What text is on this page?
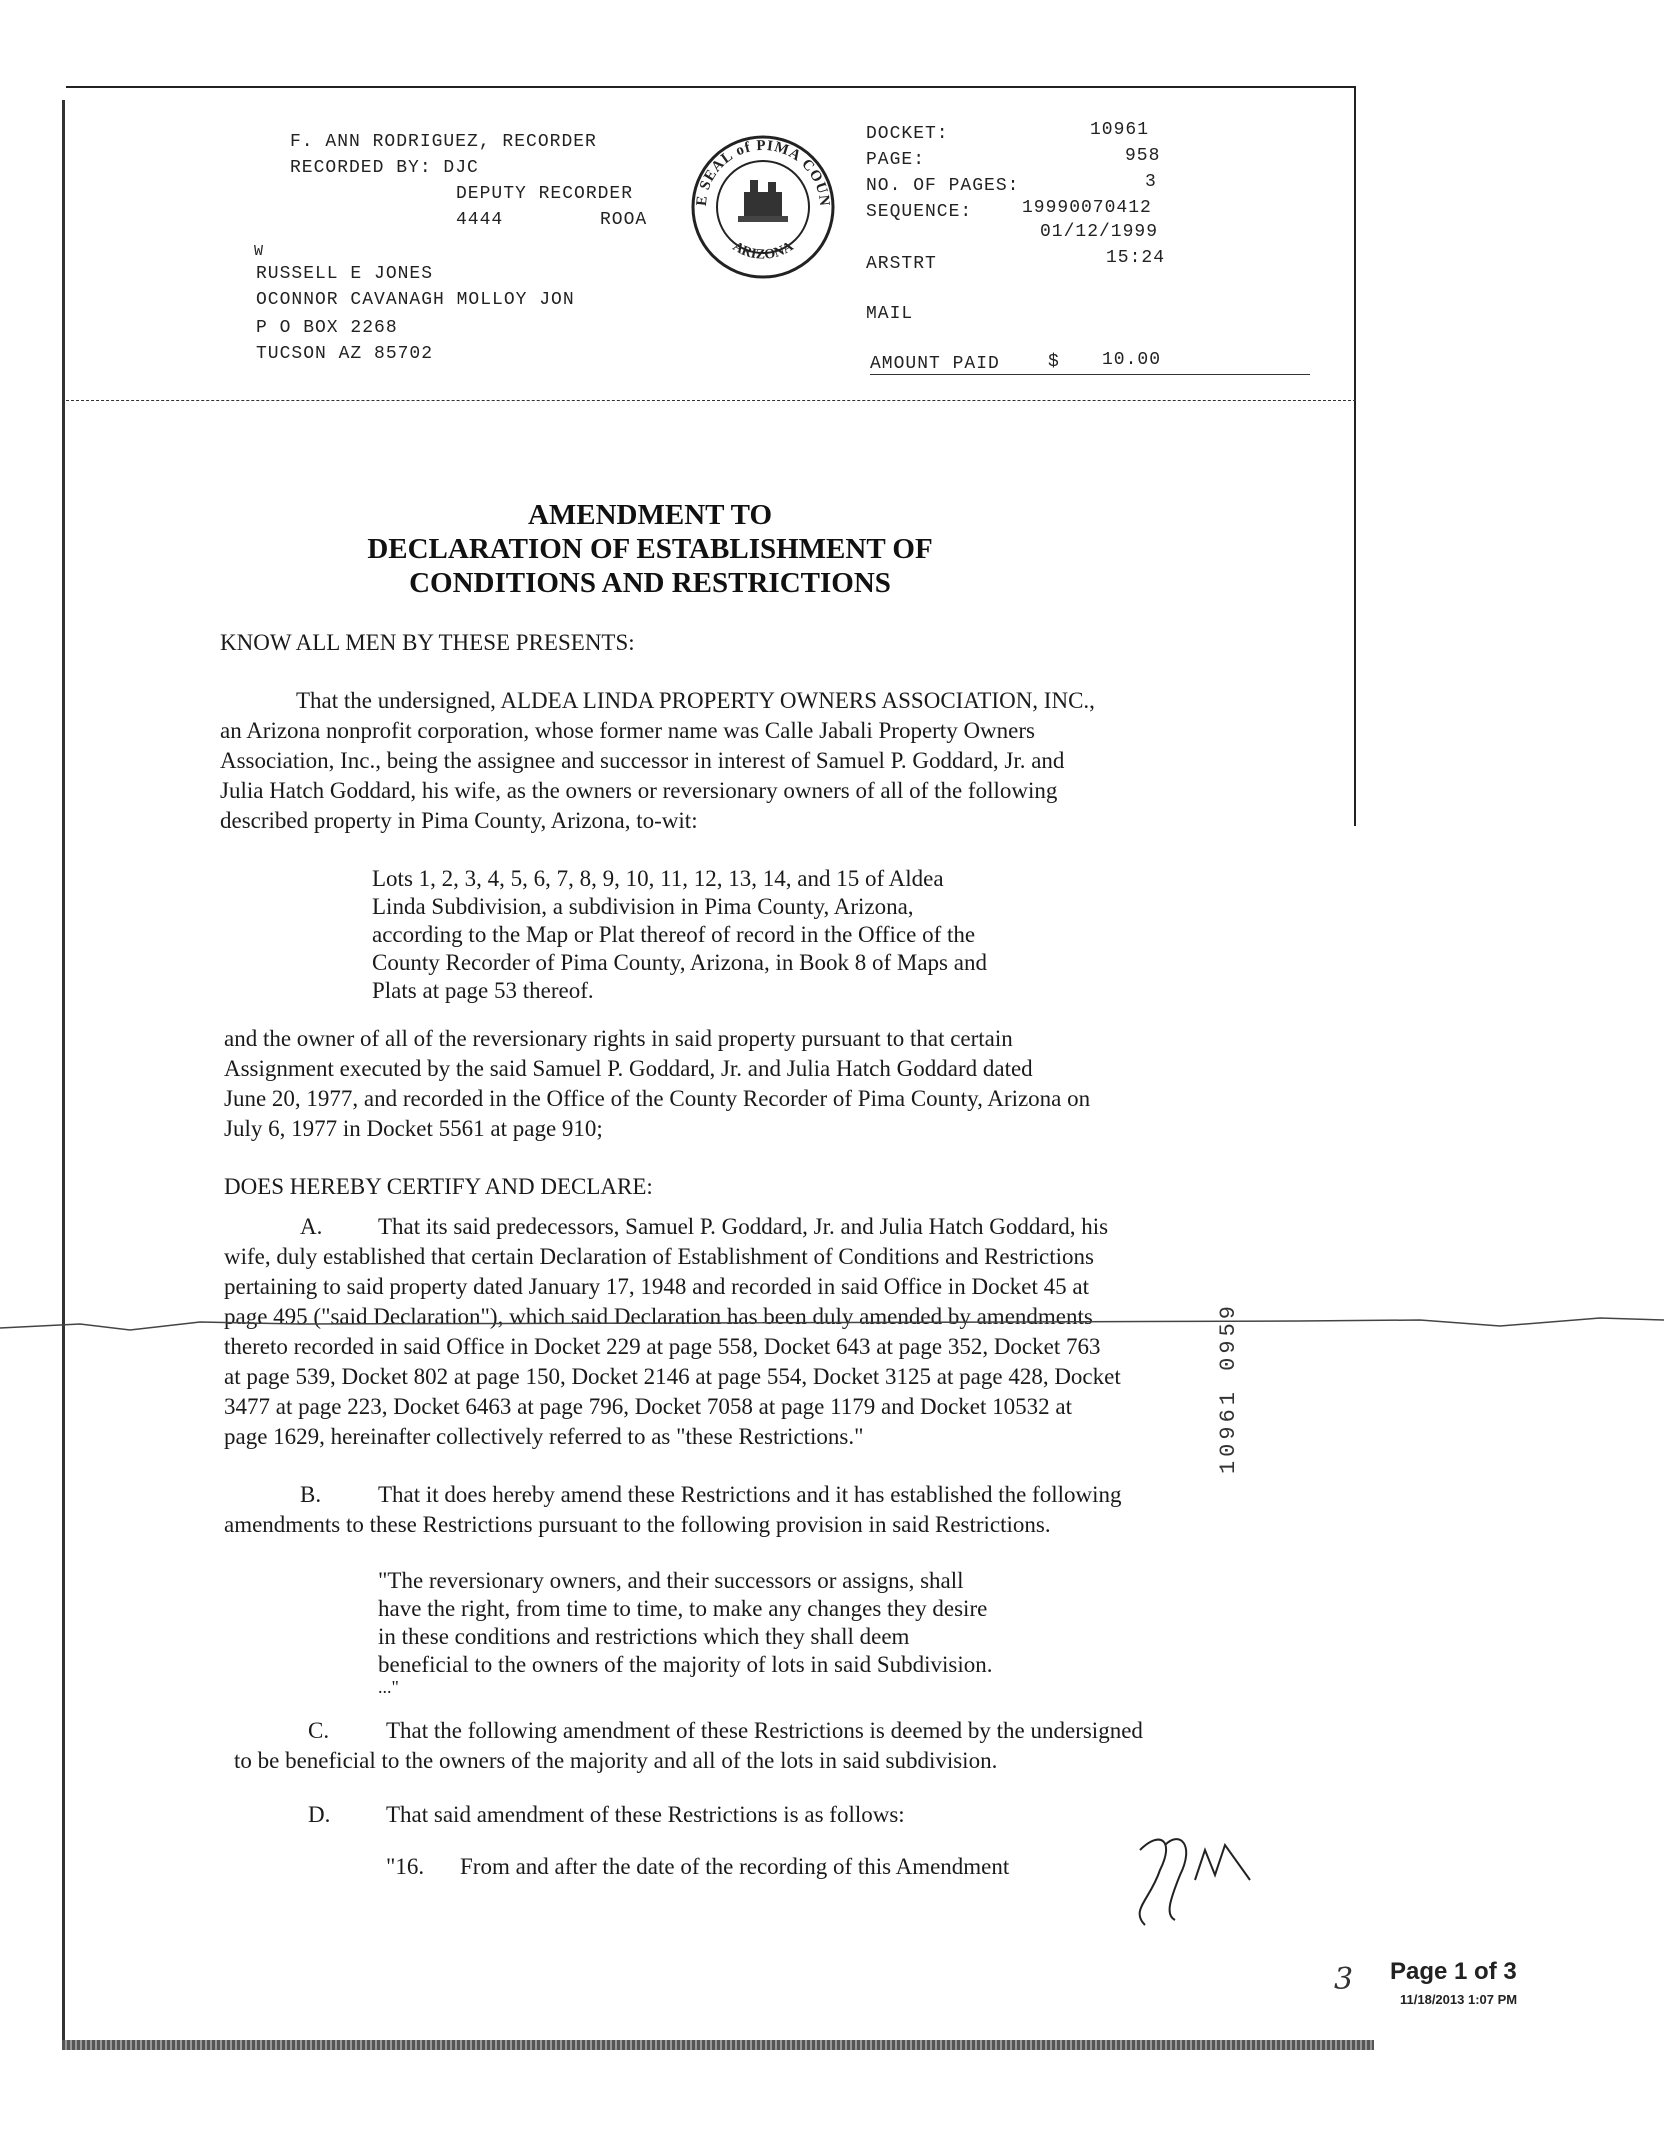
F. ANN RODRIGUEZ, RECORDER
RECORDED BY: DJC
DEPUTY RECORDER
4444	ROOA
W
RUSSELL E JONES
OCONNOR CAVANAGH MOLLOY JON
P O BOX 2268
TUCSON AZ 85702
E SEAL of PIMA COUN
ARIZONA
DOCKET:	10961
PAGE:	958
NO. OF PAGES:	3
SEQUENCE:	19990070412
01/12/1999
ARSTRT	15:24
MAIL
AMOUNT PAID	$ 10.00
AMENDMENT TO
DECLARATION OF ESTABLISHMENT OF
CONDITIONS AND RESTRICTIONS
KNOW ALL MEN BY THESE PRESENTS:
That the undersigned, ALDEA LINDA PROPERTY OWNERS ASSOCIATION, INC.,
an Arizona nonprofit corporation, whose former name was Calle Jabali Property Owners
Association, Inc., being the assignee and successor in interest of Samuel P. Goddard, Jr. and
Julia Hatch Goddard, his wife, as the owners or reversionary owners of all of the following
described property in Pima County, Arizona, to-wit:
Lots 1, 2, 3, 4, 5, 6, 7, 8, 9, 10, 11, 12, 13, 14, and 15 of Aldea
Linda Subdivision, a subdivision in Pima County, Arizona,
according to the Map or Plat thereof of record in the Office of the
County Recorder of Pima County, Arizona, in Book 8 of Maps and
Plats at page 53 thereof.
and the owner of all of the reversionary rights in said property pursuant to that certain
Assignment executed by the said Samuel P. Goddard, Jr. and Julia Hatch Goddard dated
June 20, 1977, and recorded in the Office of the County Recorder of Pima County, Arizona on
July 6, 1977 in Docket 5561 at page 910;
DOES HEREBY CERTIFY AND DECLARE:
A. That its said predecessors, Samuel P. Goddard, Jr. and Julia Hatch Goddard, his
wife, duly established that certain Declaration of Establishment of Conditions and Restrictions
pertaining to said property dated January 17, 1948 and recorded in said Office in Docket 45 at
page 495 ("said Declaration"), which said Declaration has been duly amended by amendments
thereto recorded in said Office in Docket 229 at page 558, Docket 643 at page 352, Docket 763
at page 539, Docket 802 at page 150, Docket 2146 at page 554, Docket 3125 at page 428, Docket
3477 at page 223, Docket 6463 at page 796, Docket 7058 at page 1179 and Docket 10532 at
page 1629, hereinafter collectively referred to as "these Restrictions."
B. That it does hereby amend these Restrictions and it has established the following
amendments to these Restrictions pursuant to the following provision in said Restrictions.
"The reversionary owners, and their successors or assigns, shall
have the right, from time to time, to make any changes they desire
in these conditions and restrictions which they shall deem
beneficial to the owners of the majority of lots in said Subdivision.
..."
C. That the following amendment of these Restrictions is deemed by the undersigned
to be beneficial to the owners of the majority and all of the lots in said subdivision.
D. That said amendment of these Restrictions is as follows:
"16. From and after the date of the recording of this Amendment
10961 0959
3 Page 1 of 3
11/18/2013 1:07 PM
